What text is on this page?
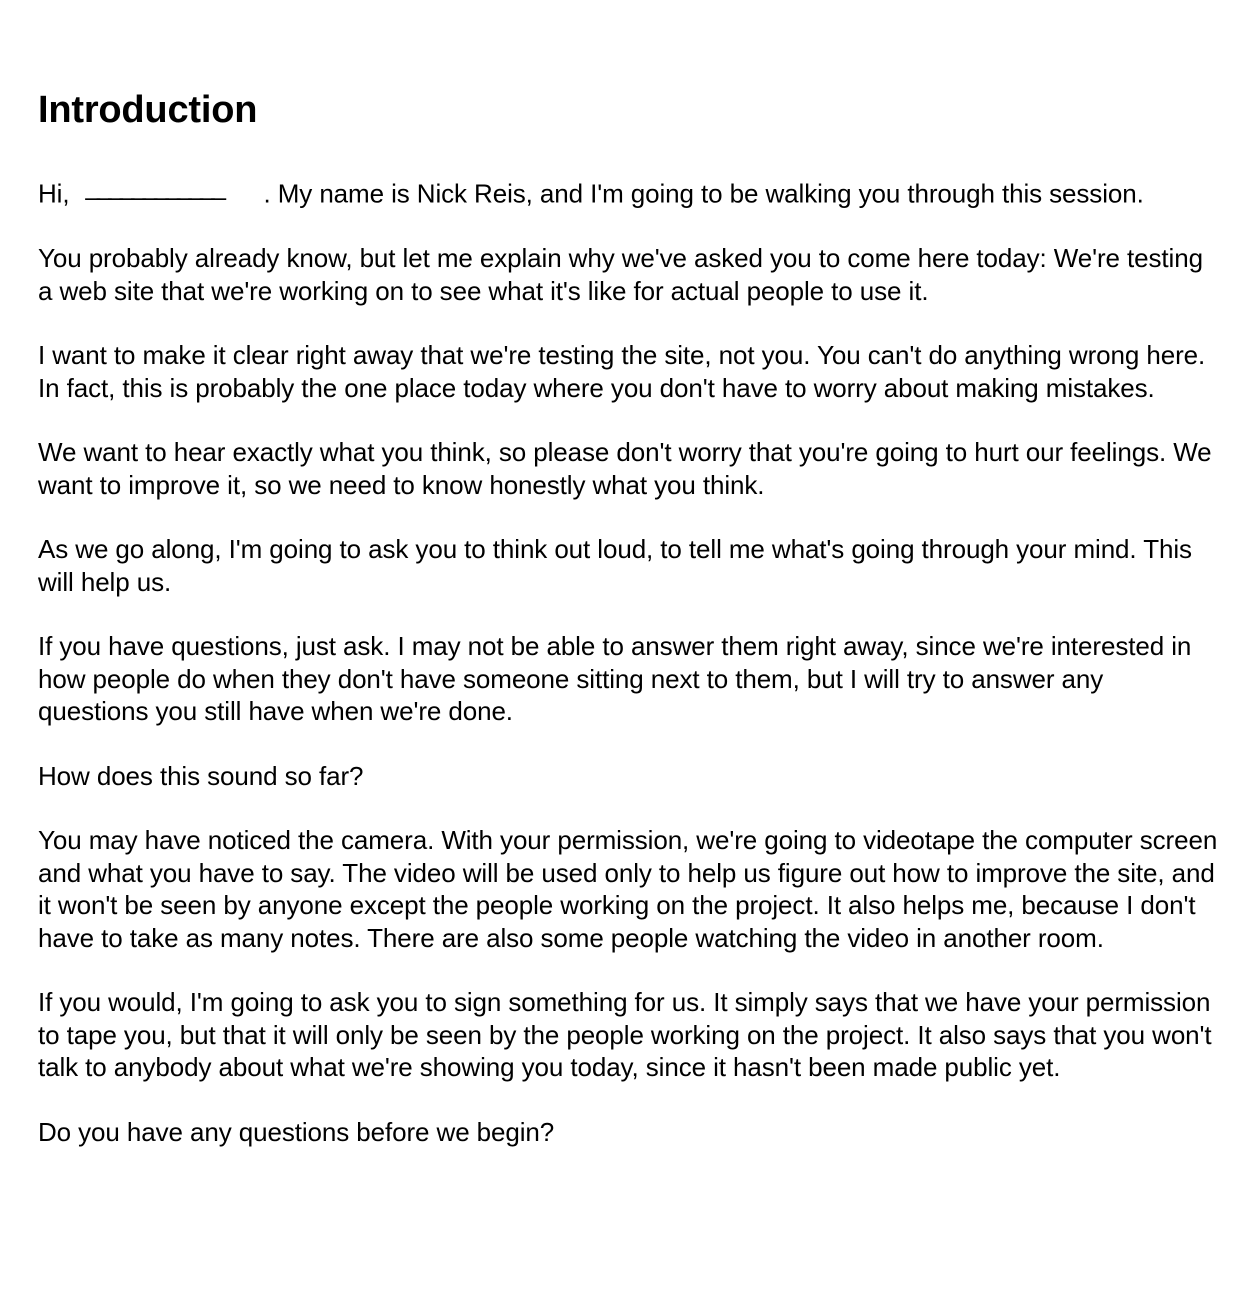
Introduction

Hi, ____________ . My name is Nick Reis, and I'm going to be walking you through this session.

You probably already know, but let me explain why we've asked you to come here today: We're testing a web site that we're working on to see what it's like for actual people to use it.

I want to make it clear right away that we're testing the site, not you. You can't do anything wrong here. In fact, this is probably the one place today where you don't have to worry about making mistakes.

We want to hear exactly what you think, so please don't worry that you're going to hurt our feelings. We want to improve it, so we need to know honestly what you think.

As we go along, I'm going to ask you to think out loud, to tell me what's going through your mind. This will help us.

If you have questions, just ask. I may not be able to answer them right away, since we're interested in how people do when they don't have someone sitting next to them, but I will try to answer any questions you still have when we're done.

How does this sound so far?

You may have noticed the camera. With your permission, we're going to videotape the computer screen and what you have to say. The video will be used only to help us figure out how to improve the site, and it won't be seen by anyone except the people working on the project. It also helps me, because I don't have to take as many notes. There are also some people watching the video in another room.

If you would, I'm going to ask you to sign something for us. It simply says that we have your permission to tape you, but that it will only be seen by the people working on the project. It also says that you won't talk to anybody about what we're showing you today, since it hasn't been made public yet.

Do you have any questions before we begin?
